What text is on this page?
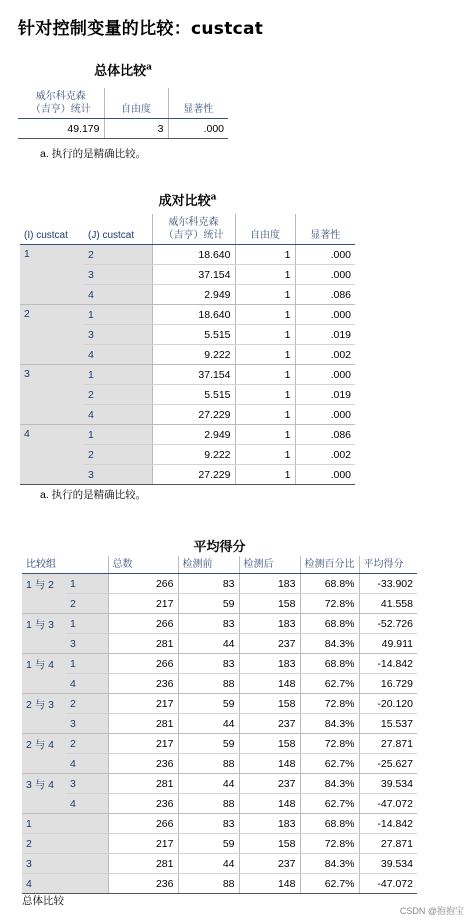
针对控制变量的比较：custcat
总体比较$^a$
威尔科克森
（吉亨）统计	自由度	显著性
49.179	3	.000
a. 执行的是精确比较。
成对比较$^a$
(I) custcat	(J) custcat	威尔科克森
（吉亨）统计	自由度	显著性
1	2	18.640	1	.000
	3	37.154	1	.000
	4	2.949	1	.086
2	1	18.640	1	.000
	3	5.515	1	.019
	4	9.222	1	.002
3	1	37.154	1	.000
	2	5.515	1	.019
	4	27.229	1	.000
4	1	2.949	1	.086
	2	9.222	1	.002
	3	27.229	1	.000
a. 执行的是精确比较。
平均得分
比较组		总数	检测前	检测后	检测百分比	平均得分
1 与 2	1	266	83	183	68.8%	-33.902
	2	217	59	158	72.8%	41.558
1 与 3	1	266	83	183	68.8%	-52.726
	3	281	44	237	84.3%	49.911
1 与 4	1	266	83	183	68.8%	-14.842
	4	236	88	148	62.7%	16.729
2 与 3	2	217	59	158	72.8%	-20.120
	3	281	44	237	84.3%	15.537
2 与 4	2	217	59	158	72.8%	27.871
	4	236	88	148	62.7%	-25.627
3 与 4	3	281	44	237	84.3%	39.534
	4	236	88	148	62.7%	-47.072
1		266	83	183	68.8%	-14.842
2		217	59	158	72.8%	27.871
3		281	44	237	84.3%	39.534
4		236	88	148	62.7%	-47.072
总体比较
CSDN @抱抱宝
